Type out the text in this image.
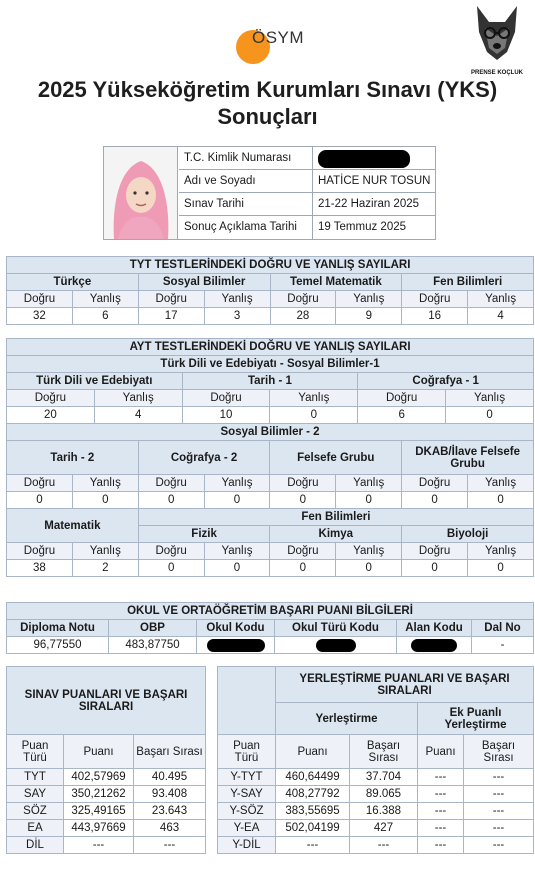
ÖSYM
PRENSE KOÇLUK
2025 Yükseköğretim Kurumları Sınavı (YKS)
Sonuçları
T.C. Kimlik Numarası
Adı ve Soyadı	HATİCE NUR TOSUN
Sınav Tarihi	21-22 Haziran 2025
Sonuç Açıklama Tarihi	19 Temmuz 2025
TYT TESTLERİNDEKİ DOĞRU VE YANLIŞ SAYILARI							
Türkçe		Sosyal Bilimler		Temel Matematik		Fen Bilimleri	
Doğru	Yanlış	Doğru	Yanlış	Doğru	Yanlış	Doğru	Yanlış
32	6	17	3	28	9	16	4
AYT TESTLERİNDEKİ DOĞRU VE YANLIŞ SAYILARI											
Türk Dili ve Edebiyatı - Sosyal Bilimler-1											
Türk Dili ve Edebiyatı				Tarih - 1				Coğrafya - 1			
Doğru		Yanlış		Doğru		Yanlış		Doğru		Yanlış	
20		4		10		0		6		0	
Sosyal Bilimler - 2											
Tarih - 2			Coğrafya - 2			Felsefe Grubu			DKAB/İlave Felsefe Grubu		
Doğru	Yanlış		Doğru		Yanlış	Doğru	Yanlış		Doğru		Yanlış
0	0		0		0	0	0		0		0
Matematik			Fen Bilimleri								
			Fizik			Kimya			Biyoloji		
Doğru	Yanlış		Doğru		Yanlış	Doğru	Yanlış		Doğru		Yanlış
38	2		0		0	0	0		0		0
OKUL VE ORTAÖĞRETİM BAŞARI PUANI BİLGİLERİ					
Diploma Notu	OBP	Okul Kodu	Okul Türü Kodu	Alan Kodu	Dal No
96,77550	483,87750				-
SINAV PUANLARI VE BAŞARI SIRALARI		
Puan Türü	Puanı	Başarı Sırası
TYT	402,57969	40.495
SAY	350,21262	93.408
SÖZ	325,49165	23.643
EA	443,97669	463
DİL	---	---
	YERLEŞTİRME PUANLARI VE BAŞARI SIRALARI			
	Yerleştirme		Ek Puanlı Yerleştirme	
Puan Türü	Puanı	Başarı Sırası	Puanı	Başarı Sırası
Y-TYT	460,64499	37.704	---	---
Y-SAY	408,27792	89.065	---	---
Y-SÖZ	383,55695	16.388	---	---
Y-EA	502,04199	427	---	---
Y-DİL	---	---	---	---
